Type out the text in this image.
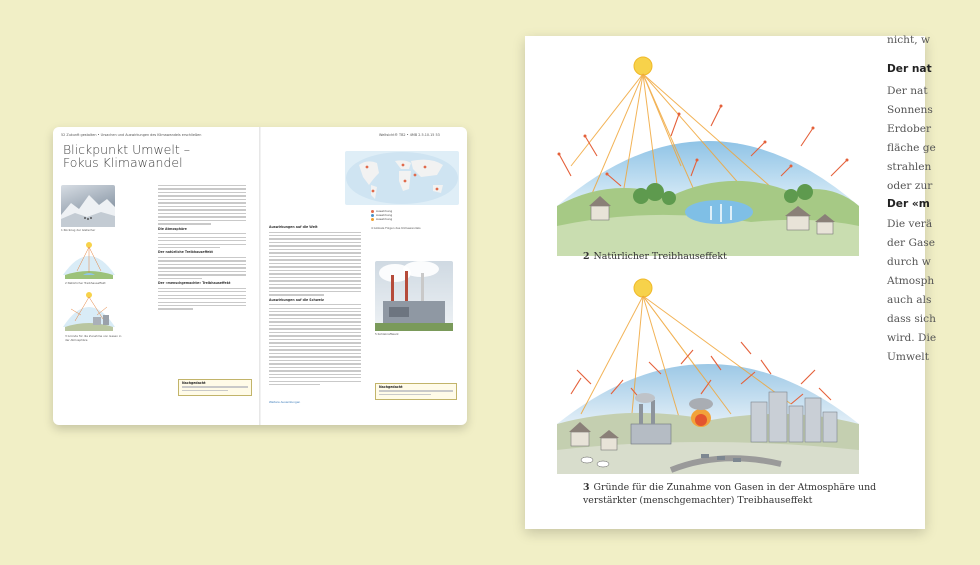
52 Zukunft gestalten • Ursachen und Auswirkungen des Klimawandels erschließen
Blickpunkt Umwelt –
Fokus Klimawandel
1 Rückzug der Gletscher
2 Natürlicher Treibhauseffekt
3 Gründe für die Zunahme von Gasen in der Atmosphäre
Die Atmosphäre
Der natürliche Treibhauseffekt
Der «menschgemachte» Treibhauseffekt
Nachgedacht
Weltsicht® TB2 • 4MB 2.5.10.15 53
Auswirkung
Auswirkung
Auswirkung
4 Globale Folgen des Klimawandels
Auswirkungen auf die Welt
Auswirkungen auf die Schweiz
5 Kohlekraftwerk
Nachgedacht
Weitere Auswirkungen
2 Natürlicher Treibhauseffekt
3 Gründe für die Zunahme von Gasen in der Atmosphäre und
verstärkter (menschgemachter) Treibhauseffekt
nicht, w
Der nat
Der nat
Sonnens
Erdober
fläche ge
strahlen
oder zur
Der «m
Die verä
der Gase
durch w
Atmosph
auch als
dass sich
wird. Die
Umwelt
